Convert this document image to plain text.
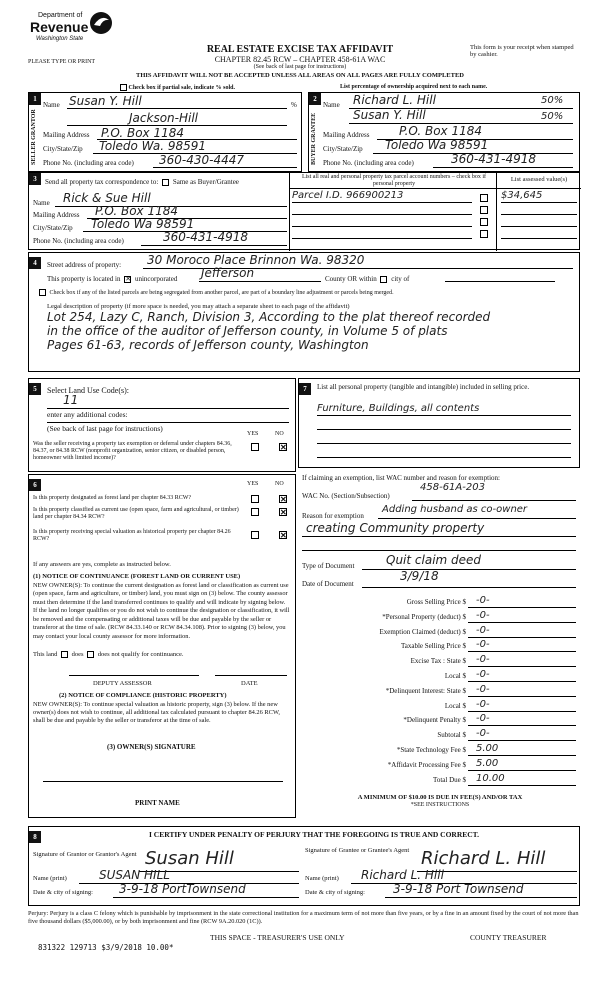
Department of
Revenue
Washington State
PLEASE TYPE OR PRINT
REAL ESTATE EXCISE TAX AFFIDAVIT
CHAPTER 82.45 RCW – CHAPTER 458-61A WAC
(See back of last page for instructions)
THIS AFFIDAVIT WILL NOT BE ACCEPTED UNLESS ALL AREAS ON ALL PAGES ARE FULLY COMPLETED
This form is your receipt when stamped by cashier.
Check box if partial sale, indicate % sold.	List percentage of ownership acquired next to each name.
1
SELLER GRANTOR
Name Susan Y. Hill
Jackson-Hill
%
Mailing Address P.O. Box 1184
City/State/Zip Toledo Wa. 98591
Phone No. (including area code) 360-430-4447
2
BUYER GRANTEE
Name Richard L. Hill	50%
Susan Y. Hill	50%
Mailing Address P.O. Box 1184
City/State/Zip Toledo Wa 98591
Phone No. (including area code)	360-431-4918
3	Send all property tax correspondence to: Same as Buyer/Grantee
Name Rick & Sue Hill
Mailing Address P.O. Box 1184
City/State/Zip Toledo Wa 98591
Phone No. (including area code)	360-431-4918
List all real and personal property tax parcel account numbers – check box if personal property
Parcel I.D. 966900213
List assessed value(s)
$34,645
4	Street address of property: 30 Moroco Place Brinnon Wa. 98320
This property is located in ✕ unincorporated Jefferson	County OR within city of
Check box if any of the listed parcels are being segregated from another parcel, are part of a boundary line adjustment or parcels being merged.
Legal description of property (if more space is needed, you may attach a separate sheet to each page of the affidavit)
Lot 254, Lazy C, Ranch, Division 3, According to the plat thereof recorded
in the office of the auditor of Jefferson county, in Volume 5 of plats
Pages 61-63, records of Jefferson county, Washington
5	Select Land Use Code(s):
11
enter any additional codes:
(See back of last page for instructions)
YES	NO
Was the seller receiving a property tax exemption or deferral under chapters 84.36, 84.37, or 84.38 RCW (nonprofit organization, senior citizen, or disabled person, homeowner with limited income)?
✕
6	YES	NO
Is this property designated as forest land per chapter 84.33 RCW?	✕
Is this property classified as current use (open space, farm and agricultural, or timber) land per chapter 84.34 RCW?	✕
Is this property receiving special valuation as historical property per chapter 84.26 RCW?	✕
If any answers are yes, complete as instructed below.
(1) NOTICE OF CONTINUANCE (FOREST LAND OR CURRENT USE)
NEW OWNER(S): To continue the current designation as forest land or classification as current use (open space, farm and agriculture, or timber) land, you must sign on (3) below. The county assessor must then determine if the land transferred continues to qualify and will indicate by signing below. If the land no longer qualifies or you do not wish to continue the designation or classification, it will be removed and the compensating or additional taxes will be due and payable by the seller or transferor at the time of sale. (RCW 84.33.140 or RCW 84.34.108). Prior to signing (3) below, you may contact your local county assessor for more information.
This land does does not qualify for continuance.
DEPUTY ASSESSOR	DATE
(2) NOTICE OF COMPLIANCE (HISTORIC PROPERTY)
NEW OWNER(S): To continue special valuation as historic property, sign (3) below. If the new owner(s) does not wish to continue, all additional tax calculated pursuant to chapter 84.26 RCW, shall be due and payable by the seller or transferor at the time of sale.
(3) OWNER(S) SIGNATURE
PRINT NAME
7	List all personal property (tangible and intangible) included in selling price.
Furniture, Buildings, all contents
If claiming an exemption, list WAC number and reason for exemption:
WAC No. (Section/Subsection)
458-61A-203
Reason for exemption
Adding husband as co-owner
creating Community property
Type of Document	Quit claim deed
Date of Document
3/9/18
Gross Selling Price $ -0-
*Personal Property (deduct) $ -0-
Exemption Claimed (deduct) $ -0-
Taxable Selling Price $ -0-
Excise Tax : State $ -0-
Local $ -0-
*Delinquent Interest: State $ -0-
Local $ -0-
*Delinquent Penalty $ -0-
Subtotal $ -0-
*State Technology Fee $ 5.00
*Affidavit Processing Fee $ 5.00
Total Due $ 10.00
A MINIMUM OF $10.00 IS DUE IN FEE(S) AND/OR TAX
*SEE INSTRUCTIONS
8	I CERTIFY UNDER PENALTY OF PERJURY THAT THE FOREGOING IS TRUE AND CORRECT.
Signature of Grantor or Grantor's Agent Susan Hill
Name (print)	SUSAN HILL
Date & city of signing: 3-9-18 PortTownsend
Signature of Grantee or Grantee's Agent Richard L. Hill
Name (print) Richard L. Hill
Date & city of signing: 3-9-18 Port Townsend
Perjury: Perjury is a class C felony which is punishable by imprisonment in the state correctional institution for a maximum term of not more than five years, or by a fine in an amount fixed by the court of not more than five thousand dollars ($5,000.00), or by both imprisonment and fine (RCW 9A.20.020 (1C)).
831322 129713 $3/9/2018 10.00*
THIS SPACE - TREASURER'S USE ONLY	COUNTY TREASURER
